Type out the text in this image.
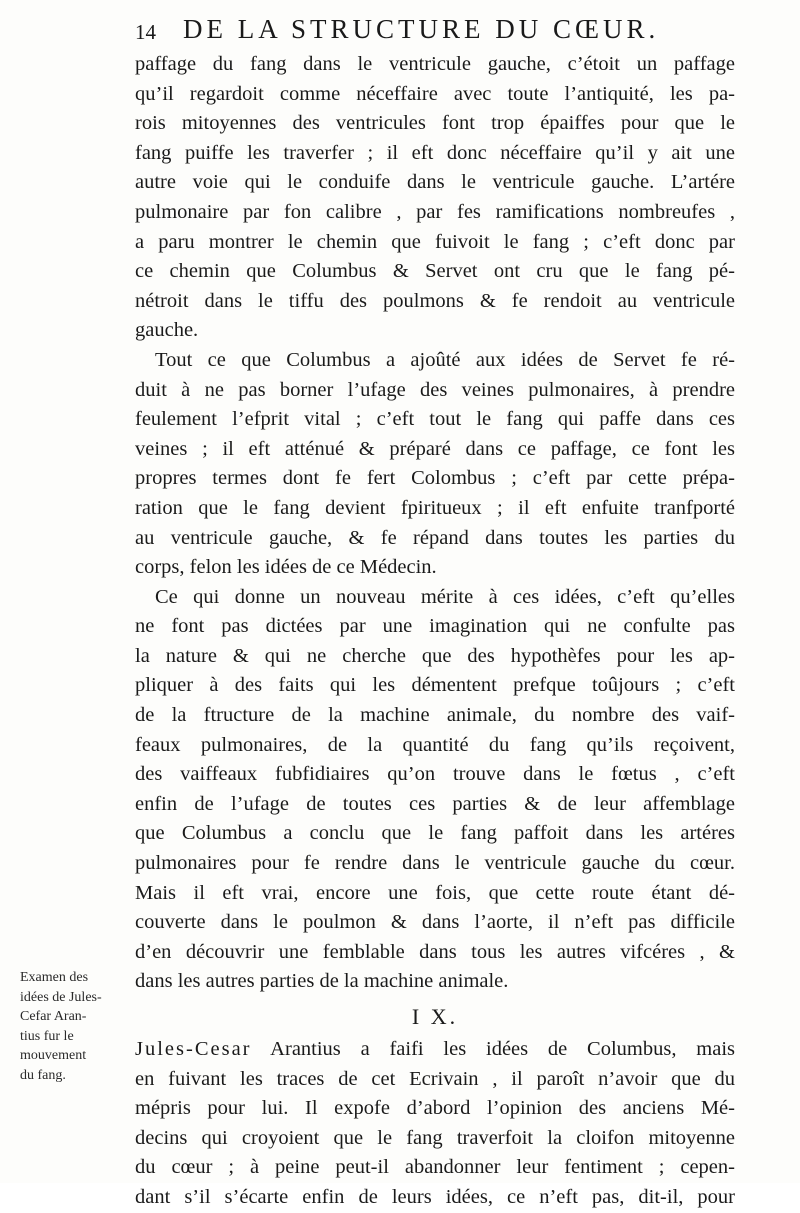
14 DE LA STRUCTURE DU CŒUR.
Examen des
idées de Jules-
Cefar Aran-
tius fur le
mouvement
du fang.
paffage du fang dans le ventricule gauche, c’étoit un paffage
qu’il regardoit comme néceffaire avec toute l’antiquité, les pa-
rois mitoyennes des ventricules font trop épaiffes pour que le
fang puiffe les traverfer ; il eft donc néceffaire qu’il y ait une
autre voie qui le conduife dans le ventricule gauche. L’artére
pulmonaire par fon calibre , par fes ramifications nombreufes ,
a paru montrer le chemin que fuivoit le fang ; c’eft donc par
ce chemin que Columbus & Servet ont cru que le fang pé-
nétroit dans le tiffu des poulmons & fe rendoit au ventricule
gauche.
Tout ce que Columbus a ajoûté aux idées de Servet fe ré-
duit à ne pas borner l’ufage des veines pulmonaires, à prendre
feulement l’efprit vital ; c’eft tout le fang qui paffe dans ces
veines ; il eft atténué & préparé dans ce paffage, ce font les
propres termes dont fe fert Colombus ; c’eft par cette prépa-
ration que le fang devient fpiritueux ; il eft enfuite tranfporté
au ventricule gauche, & fe répand dans toutes les parties du
corps, felon les idées de ce Médecin.
Ce qui donne un nouveau mérite à ces idées, c’eft qu’elles
ne font pas dictées par une imagination qui ne confulte pas
la nature & qui ne cherche que des hypothèfes pour les ap-
pliquer à des faits qui les démentent prefque toûjours ; c’eft
de la ftructure de la machine animale, du nombre des vaif-
feaux pulmonaires, de la quantité du fang qu’ils reçoivent,
des vaiffeaux fubfidiaires qu’on trouve dans le fœtus , c’eft
enfin de l’ufage de toutes ces parties & de leur affemblage
que Columbus a conclu que le fang paffoit dans les artéres
pulmonaires pour fe rendre dans le ventricule gauche du cœur.
Mais il eft vrai, encore une fois, que cette route étant dé-
couverte dans le poulmon & dans l’aorte, il n’eft pas difficile
d’en découvrir une femblable dans tous les autres vifcéres , &
dans les autres parties de la machine animale.
I X.
Jules-Cesar Arantius a faifi les idées de Columbus, mais
en fuivant les traces de cet Ecrivain , il paroît n’avoir que du
mépris pour lui. Il expofe d’abord l’opinion des anciens Mé-
decins qui croyoient que le fang traverfoit la cloifon mitoyenne
du cœur ; à peine peut-il abandonner leur fentiment ; cepen-
dant s’il s’écarte enfin de leurs idées, ce n’eft pas, dit-il, pour
